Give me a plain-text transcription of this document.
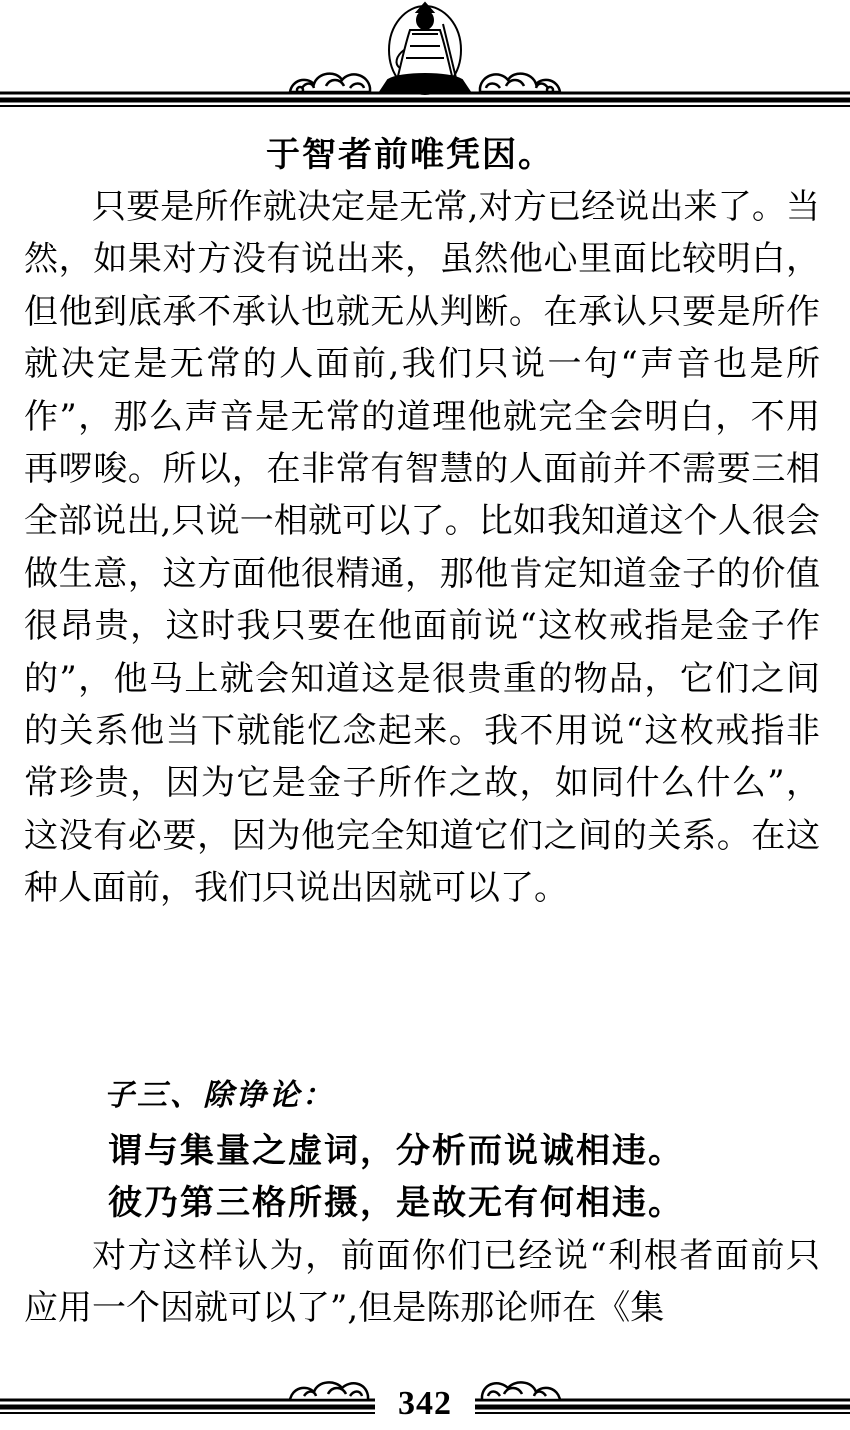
于智者前唯凭因。

只要是所作就决定是无常,对方已经说出来了。当然，如果对方没有说出来，虽然他心里面比较明白，但他到底承不承认也就无从判断。在承认只要是所作就决定是无常的人面前,我们只说一句“声音也是所作”，那么声音是无常的道理他就完全会明白，不用再啰唆。所以，在非常有智慧的人面前并不需要三相全部说出,只说一相就可以了。比如我知道这个人很会做生意，这方面他很精通，那他肯定知道金子的价值很昂贵，这时我只要在他面前说“这枚戒指是金子作的”，他马上就会知道这是很贵重的物品，它们之间的关系他当下就能忆念起来。我不用说“这枚戒指非常珍贵，因为它是金子所作之故，如同什么什么”，这没有必要，因为他完全知道它们之间的关系。在这种人面前，我们只说出因就可以了。

子三、除诤论：
谓与集量之虚词，分析而说诚相违。
彼乃第三格所摄，是故无有何相违。

对方这样认为，前面你们已经说“利根者面前只应用一个因就可以了”,但是陈那论师在《集

342
